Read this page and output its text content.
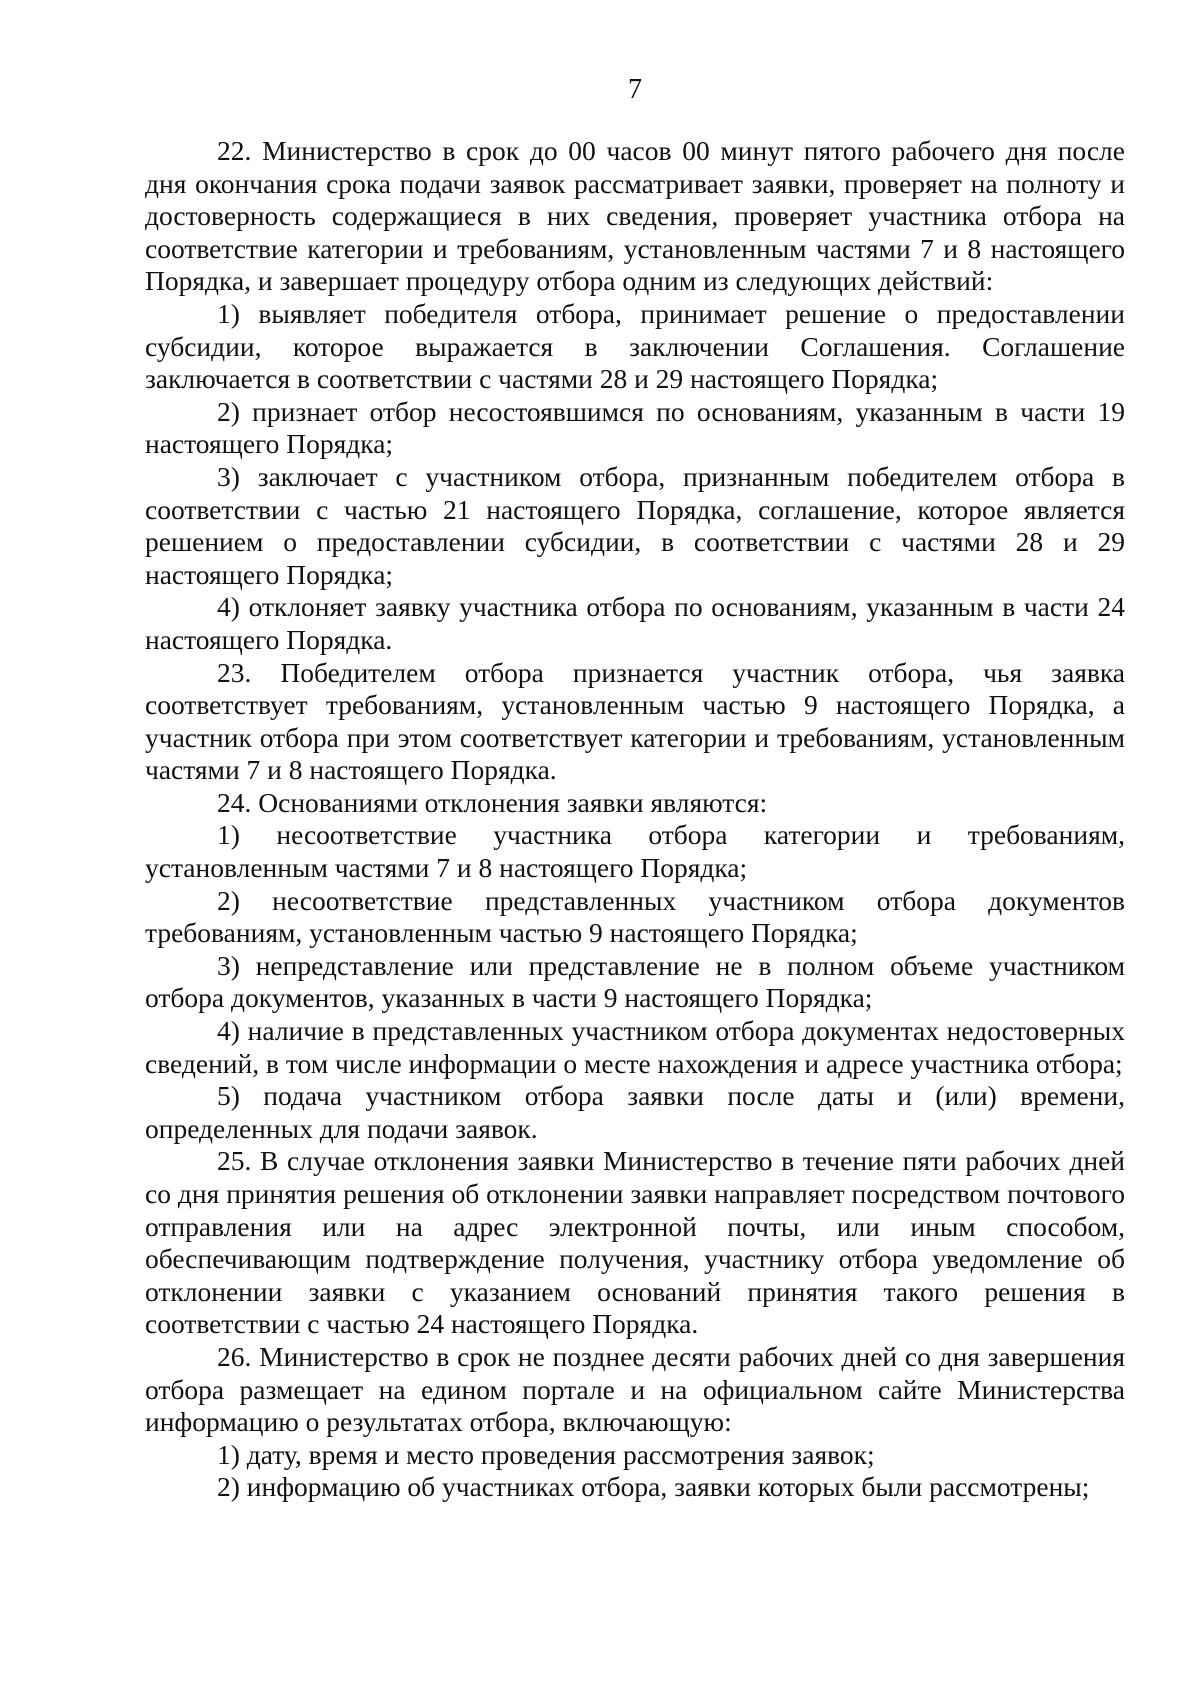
7

22. Министерство в срок до 00 часов 00 минут пятого рабочего дня после дня окончания срока подачи заявок рассматривает заявки, проверяет на полноту и достоверность содержащиеся в них сведения, проверяет участника отбора на соответствие категории и требованиям, установленным частями 7 и 8 настоящего Порядка, и завершает процедуру отбора одним из следующих действий:

1) выявляет победителя отбора, принимает решение о предоставлении субсидии, которое выражается в заключении Соглашения. Соглашение заключается в соответствии с частями 28 и 29 настоящего Порядка;

2) признает отбор несостоявшимся по основаниям, указанным в части 19 настоящего Порядка;

3) заключает с участником отбора, признанным победителем отбора в соответствии с частью 21 настоящего Порядка, соглашение, которое является решением о предоставлении субсидии, в соответствии с частями 28 и 29 настоящего Порядка;

4) отклоняет заявку участника отбора по основаниям, указанным в части 24 настоящего Порядка.

23. Победителем отбора признается участник отбора, чья заявка соответствует требованиям, установленным частью 9 настоящего Порядка, а участник отбора при этом соответствует категории и требованиям, установленным частями 7 и 8 настоящего Порядка.

24. Основаниями отклонения заявки являются:

1) несоответствие участника отбора категории и требованиям, установленным частями 7 и 8 настоящего Порядка;

2) несоответствие представленных участником отбора документов требованиям, установленным частью 9 настоящего Порядка;

3) непредставление или представление не в полном объеме участником отбора документов, указанных в части 9 настоящего Порядка;

4) наличие в представленных участником отбора документах недостоверных сведений, в том числе информации о месте нахождения и адресе участника отбора;

5) подача участником отбора заявки после даты и (или) времени, определенных для подачи заявок.

25. В случае отклонения заявки Министерство в течение пяти рабочих дней со дня принятия решения об отклонении заявки направляет посредством почтового отправления или на адрес электронной почты, или иным способом, обеспечивающим подтверждение получения, участнику отбора уведомление об отклонении заявки с указанием оснований принятия такого решения в соответствии с частью 24 настоящего Порядка.

26. Министерство в срок не позднее десяти рабочих дней со дня завершения отбора размещает на едином портале и на официальном сайте Министерства информацию о результатах отбора, включающую:

1) дату, время и место проведения рассмотрения заявок;

2) информацию об участниках отбора, заявки которых были рассмотрены;
